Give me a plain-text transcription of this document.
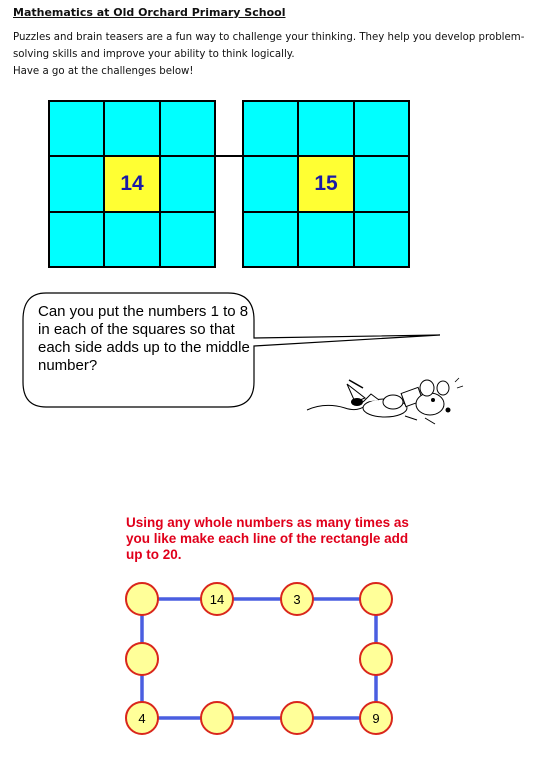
Mathematics at Old Orchard Primary School
Puzzles and brain teasers are a fun way to challenge your thinking. They help you develop problem-
solving skills and improve your ability to think logically.
Have a go at the challenges below!
14	15
Can you put the numbers 1 to 8 in each of the squares so that each side adds up to the middle number?
Using any whole numbers as many times as you like make each line of the rectangle add up to 20.
14	3
4	9
